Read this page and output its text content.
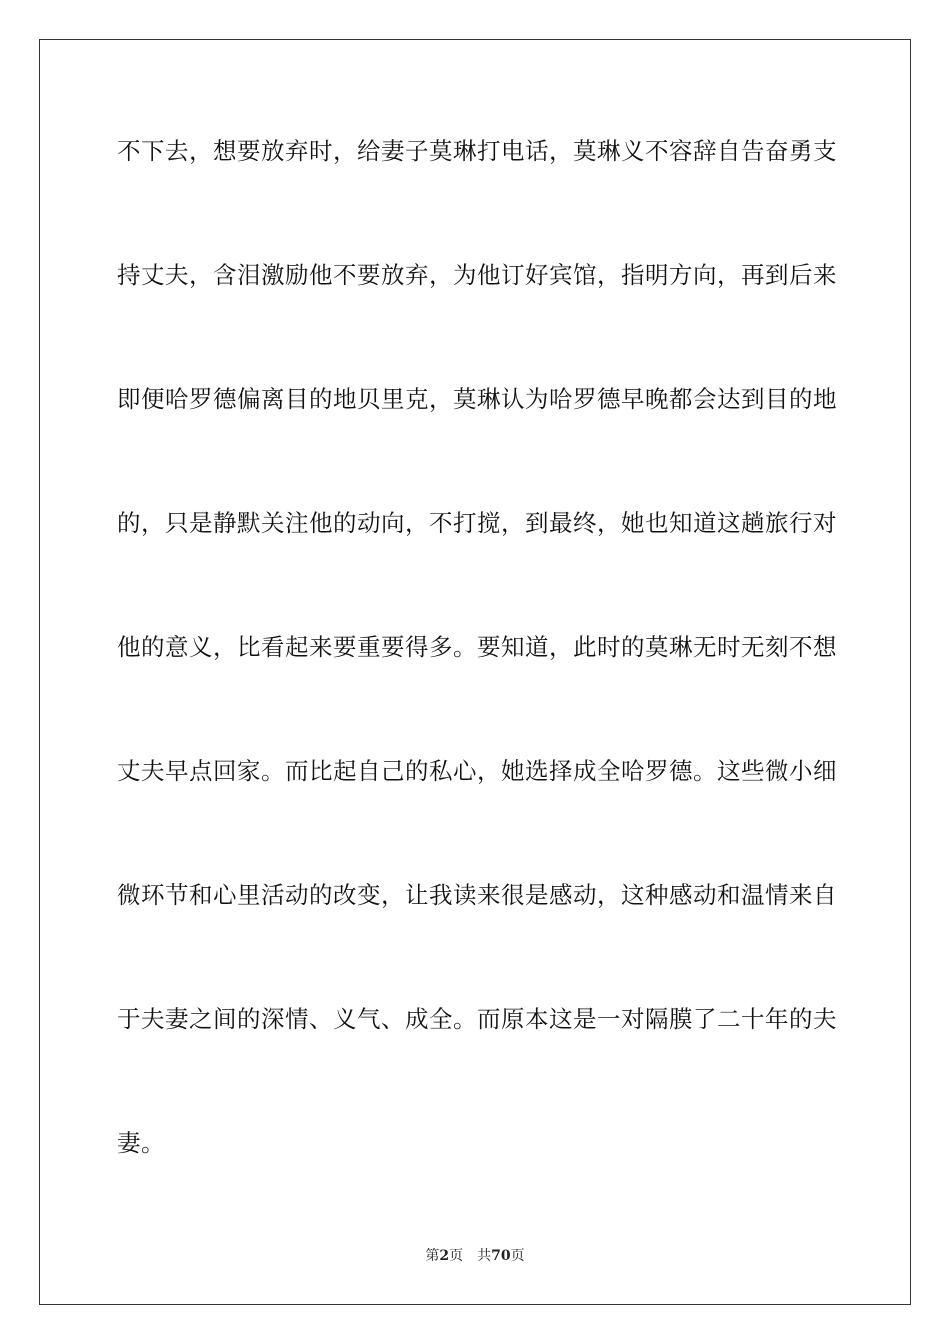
不下去，想要放弃时，给妻子莫琳打电话，莫琳义不容辞自告奋勇支
持丈夫，含泪激励他不要放弃，为他订好宾馆，指明方向，再到后来
即便哈罗德偏离目的地贝里克，莫琳认为哈罗德早晚都会达到目的地
的，只是静默关注他的动向，不打搅，到最终，她也知道这趟旅行对
他的意义，比看起来要重要得多。要知道，此时的莫琳无时无刻不想
丈夫早点回家。而比起自己的私心，她选择成全哈罗德。这些微小细
微环节和心里活动的改变，让我读来很是感动，这种感动和温情来自
于夫妻之间的深情、义气、成全。而原本这是一对隔膜了二十年的夫
妻。
第2页 共70页
